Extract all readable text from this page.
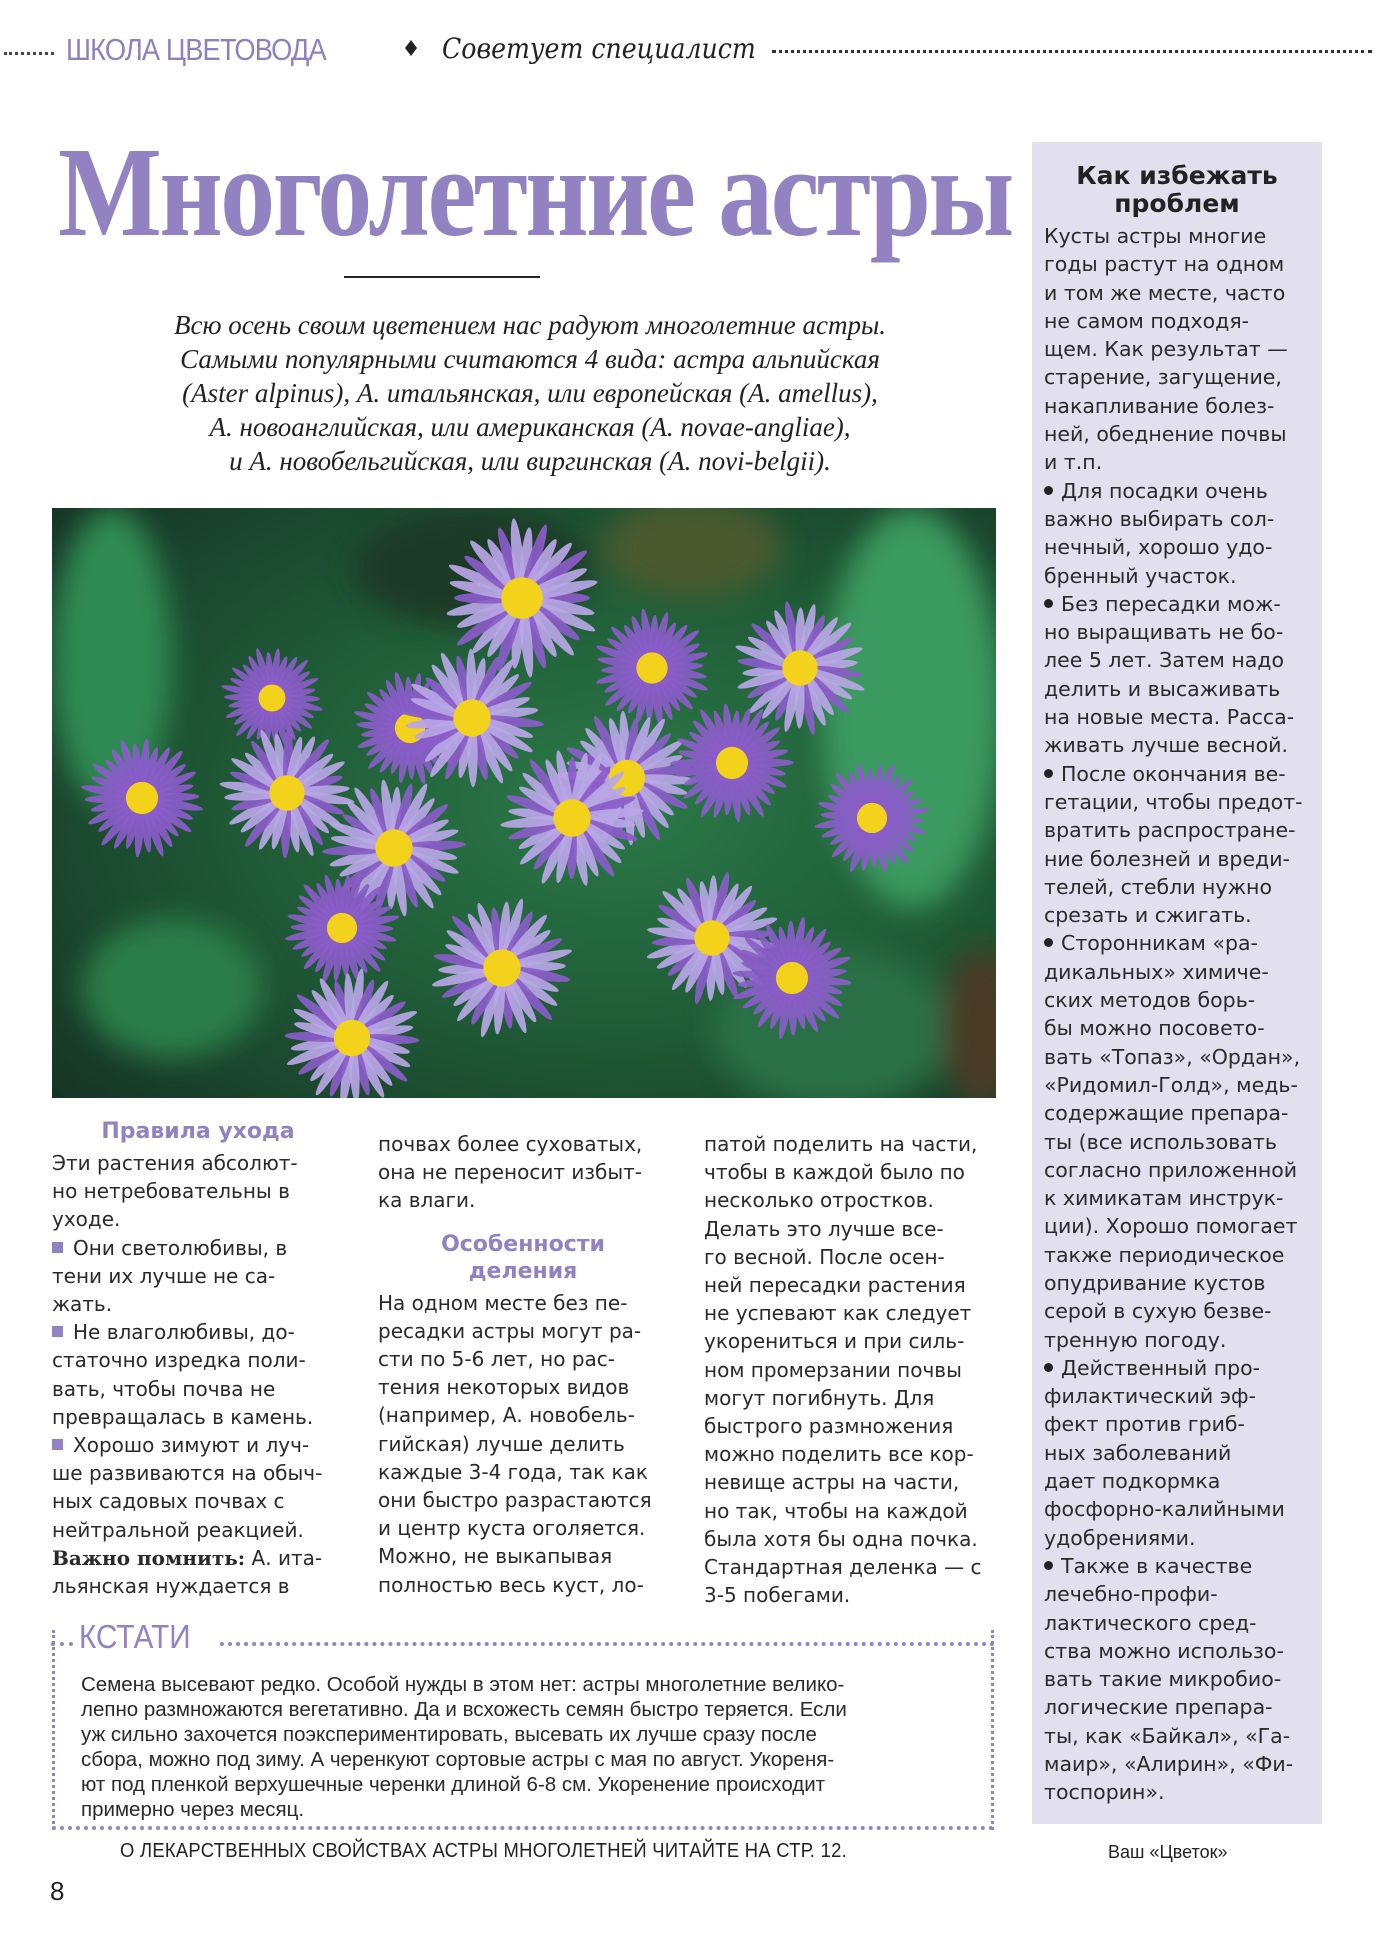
ШКОЛА ЦВЕТОВОДА	Советует специалист
Многолетние астры
Всю осень своим цветением нас радуют многолетние астры.
Самыми популярными считаются 4 вида: астра альпийская
(Aster alpinus), А. итальянская, или европейская (A. amellus),
А. новоанглийская, или американская (A. novae-angliae),
и А. новобельгийская, или виргинская (A. novi-belgii).
Правила ухода
Эти растения абсолют-
но нетребовательны в
уходе.
Они светолюбивы, в
тени их лучше не са-
жать.
Не влаголюбивы, до-
статочно изредка поли-
вать, чтобы почва не
превращалась в камень.
Хорошо зимуют и луч-
ше развиваются на обыч-
ных садовых почвах с
нейтральной реакцией.
Важно помнить: А. ита-
льянская нуждается в
почвах более суховатых,
она не переносит избыт-
ка влаги.
Особенности
деления
На одном месте без пе-
ресадки астры могут ра-
сти по 5-6 лет, но рас-
тения некоторых видов
(например, А. новобель-
гийская) лучше делить
каждые 3-4 года, так как
они быстро разрастаются
и центр куста оголяется.
Можно, не выкапывая
полностью весь куст, ло-
патой поделить на части,
чтобы в каждой было по
несколько отростков.
Делать это лучше все-
го весной. После осен-
ней пересадки растения
не успевают как следует
укорениться и при силь-
ном промерзании почвы
могут погибнуть. Для
быстрого размножения
можно поделить все кор-
невище астры на части,
но так, чтобы на каждой
была хотя бы одна почка.
Стандартная деленка — с
3-5 побегами.
Как избежать
проблем
Кусты астры многие
годы растут на одном
и том же месте, часто
не самом подходя-
щем. Как результат —
старение, загущение,
накапливание болез-
ней, обеднение почвы
и т.п.
Для посадки очень
важно выбирать сол-
нечный, хорошо удо-
бренный участок.
Без пересадки мож-
но выращивать не бо-
лее 5 лет. Затем надо
делить и высаживать
на новые места. Расса-
живать лучше весной.
После окончания ве-
гетации, чтобы предот-
вратить распростране-
ние болезней и вреди-
телей, стебли нужно
срезать и сжигать.
Сторонникам «ра-
дикальных» химиче-
ских методов борь-
бы можно посовето-
вать «Топаз», «Ордан»,
«Ридомил-Голд», медь-
содержащие препара-
ты (все использовать
согласно приложенной
к химикатам инструк-
ции). Хорошо помогает
также периодическое
опудривание кустов
серой в сухую безве-
тренную погоду.
Действенный про-
филактический эф-
фект против гриб-
ных заболеваний
дает подкормка
фосфорно-калийными
удобрениями.
Также в качестве
лечебно-профи-
лактического сред-
ства можно использо-
вать такие микробио-
логические препара-
ты, как «Байкал», «Га-
маир», «Алирин», «Фи-
тоспорин».
КСТАТИ
Семена высевают редко. Особой нужды в этом нет: астры многолетние велико-
лепно размножаются вегетативно. Да и всхожесть семян быстро теряется. Если
уж сильно захочется поэкспериментировать, высевать их лучше сразу после
сбора, можно под зиму. А черенкуют сортовые астры с мая по август. Укореня-
ют под пленкой верхушечные черенки длиной 6-8 см. Укоренение происходит
примерно через месяц.
О ЛЕКАРСТВЕННЫХ СВОЙСТВАХ АСТРЫ МНОГОЛЕТНЕЙ ЧИТАЙТЕ НА СТР. 12.	Ваш «Цветок»
8
